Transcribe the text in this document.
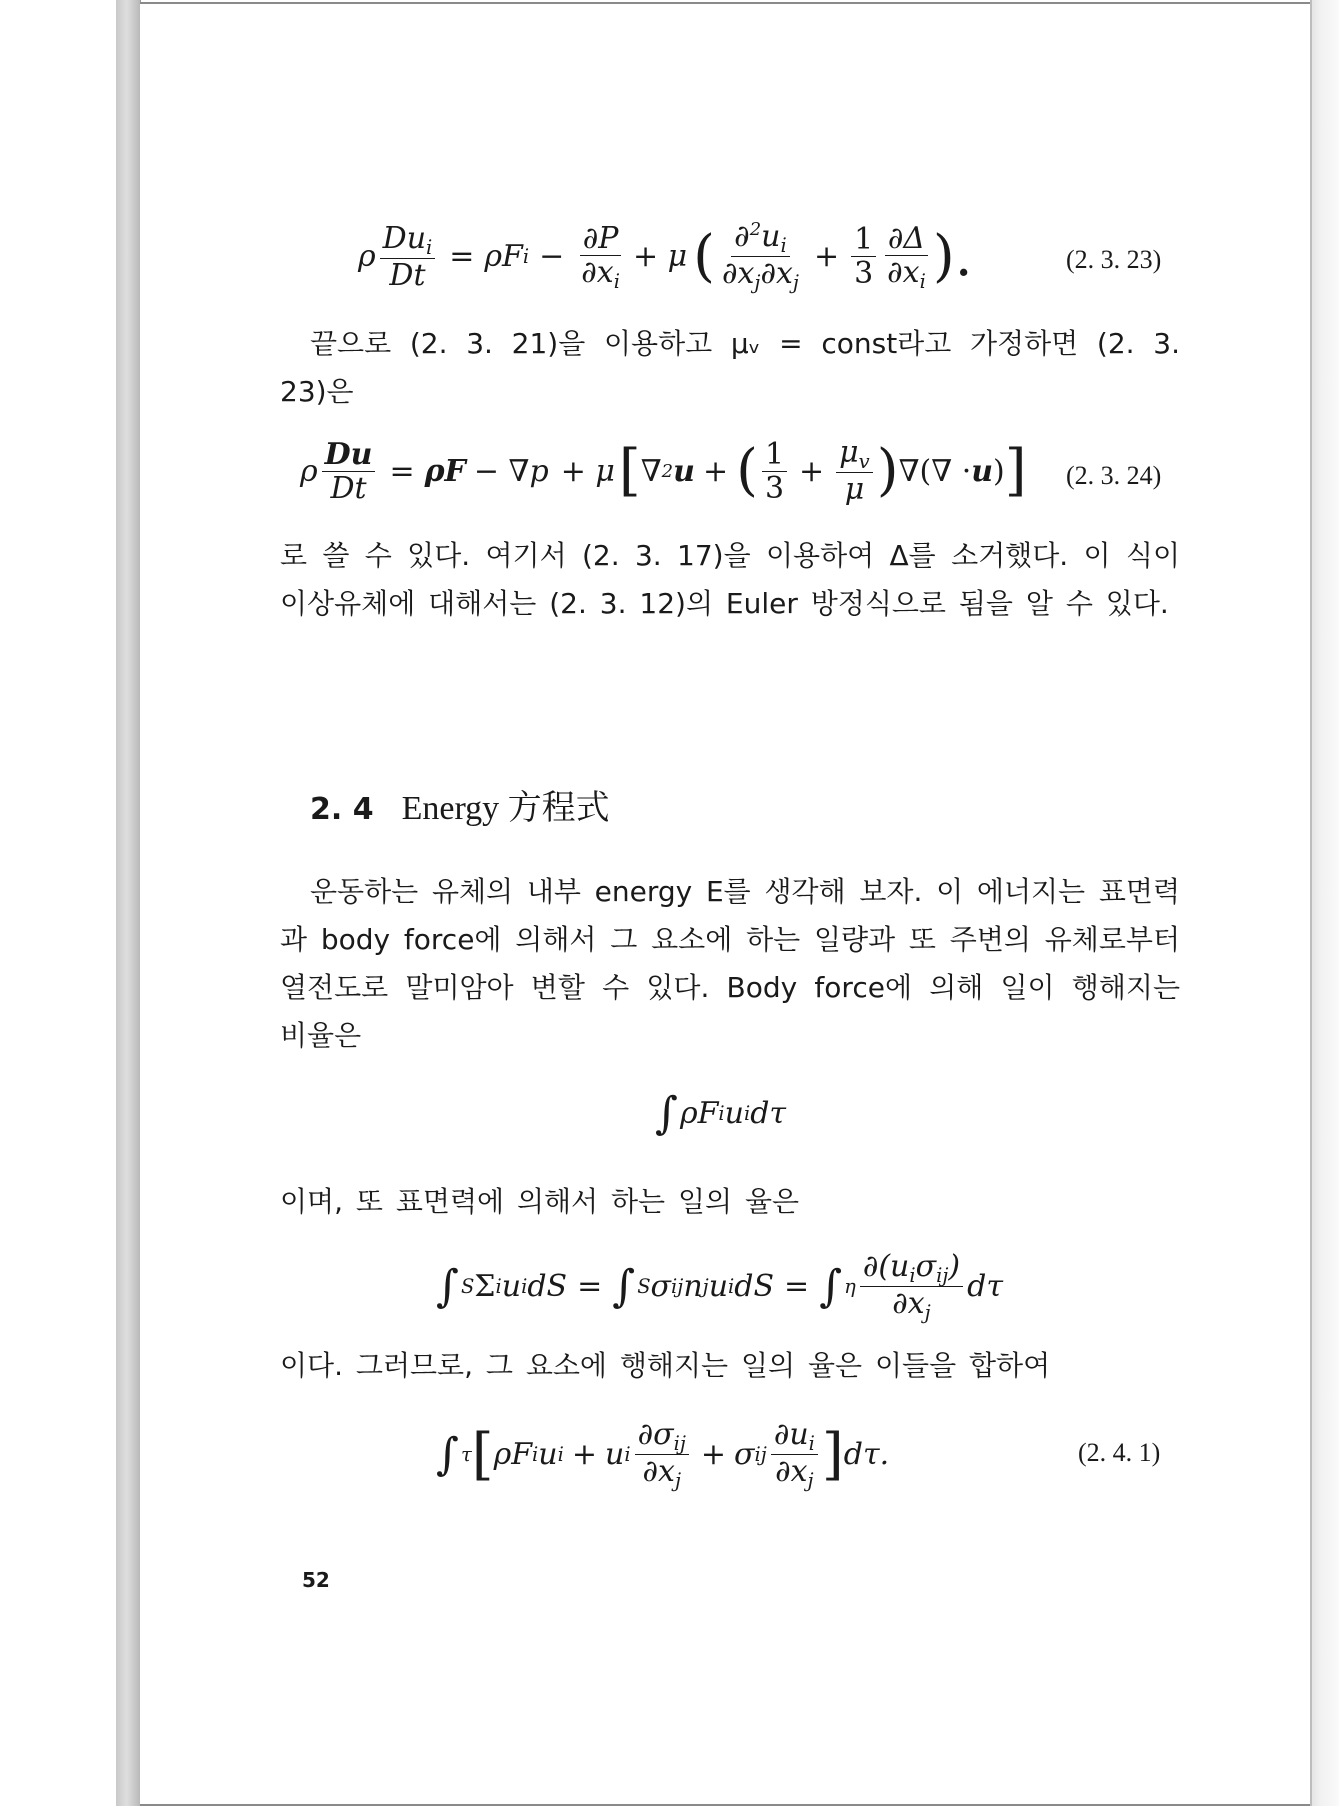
ρ $\frac{Du_i}{Dt} = \rho F$ $i - \frac{\partial P}{\partial x_i} + \mu$ ( $\frac{\partial^2u_i}{\partial x_j\partial x_j} + \frac{1}{3} \frac{\partial\Delta}{\partial x_i}$ ).	(2. 3. 23)
끝으로 (2. 3. 21)을 이용하고 μᵥ = const라고 가정하면 (2. 3. 23)은
ρ $\frac{Du}{Dt} = \rho F - \nabla p + \mu$ [ ∇ 2 u + ( $\frac{1}{3} + \frac{\mu_v}{\mu}$ ) ∇(∇ · u ) ] (2. 3. 24)
로 쓸 수 있다. 여기서 (2. 3. 17)을 이용하여 Δ를 소거했다. 이 식이 이상유체에 대해서는 (2. 3. 12)의 Euler 방정식으로 됨을 알 수 있다.
2. 4 Energy 方程式
운동하는 유체의 내부 energy E를 생각해 보자. 이 에너지는 표면력과 body force에 의해서 그 요소에 하는 일량과 또 주변의 유체로부터 열전도로 말미암아 변할 수 있다. Body force에 의해 일이 행해지는 비율은
∫ ρF i u i dτ
이며, 또 표면력에 의해서 하는 일의 율은
∫ S Σ i u i dS = ∫ S σ ij n j u i dS = ∫ η $\frac{\partial(u_i\sigma_{ij})}{\partial x_j}$ dτ
이다. 그러므로, 그 요소에 행해지는 일의 율은 이들을 합하여
∫ τ [ ρF i u i + u i $\frac{\partial\sigma_{ij}}{\partial x_j} + \sigma$ ij $\frac{\partial u_i}{\partial x_j}$ ] dτ.	(2. 4. 1)
52
